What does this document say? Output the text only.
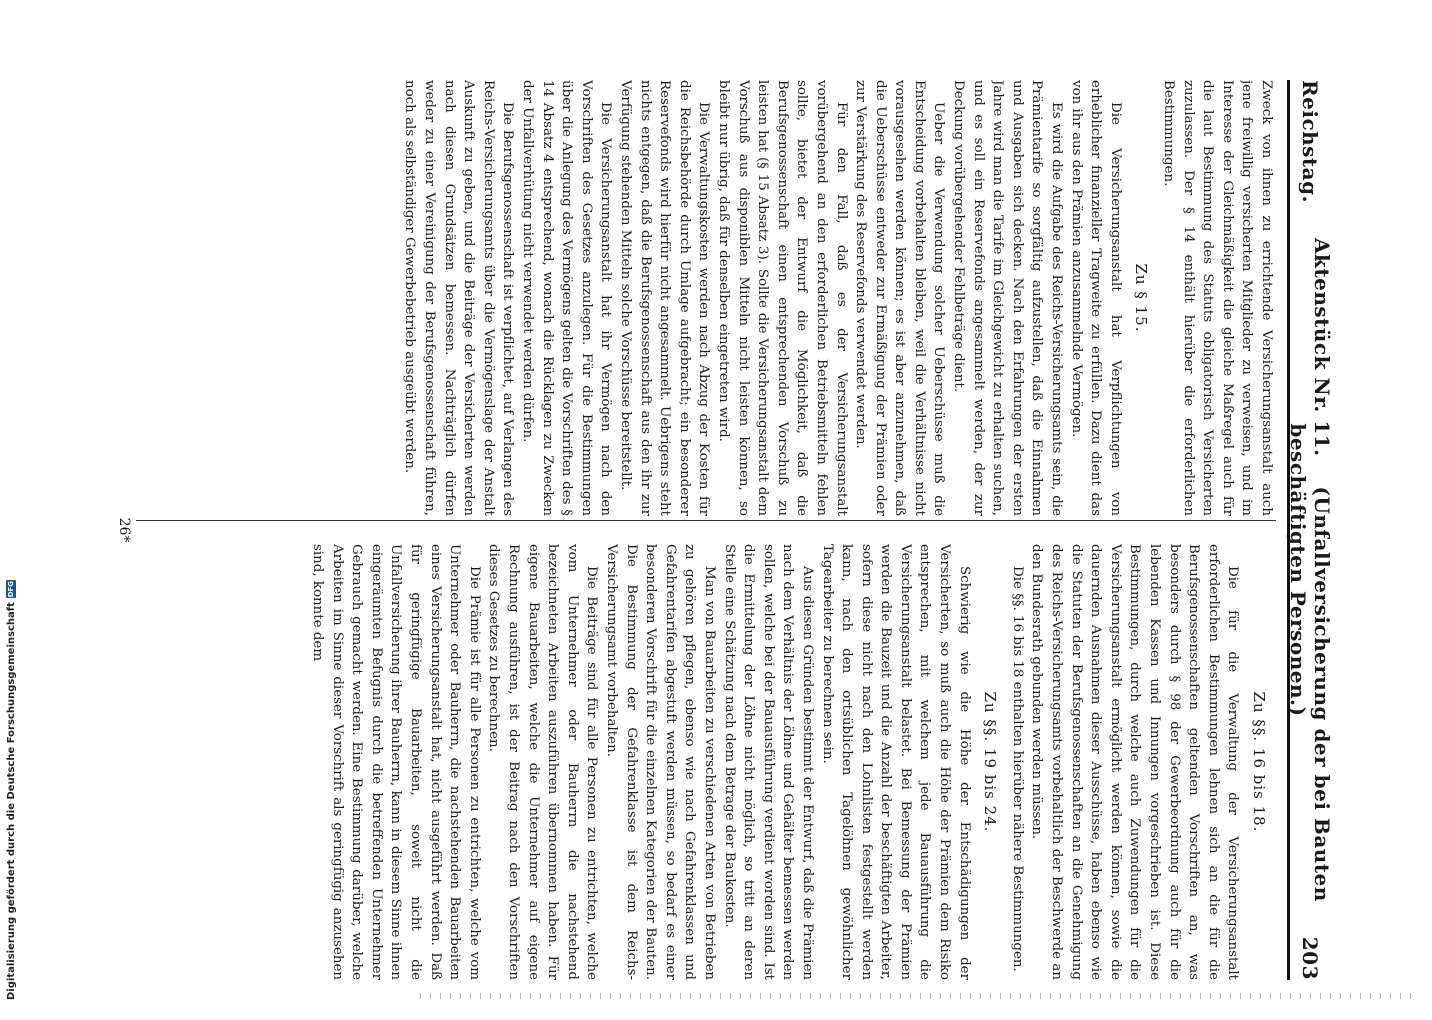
Digitalisierung gefördert durch die Deutsche Forschungsgemeinschaft
DFG
Reichstag.
Aktenstück Nr. 11.    (Unfallversicherung der bei Bauten beschäftigten Personen.)
203

Zweck von ihnen zu errichtende Versicherungsanstalt auch jene freiwillig versicherten Mitglieder zu verweisen, und im Interesse der Gleichmäßigkeit die gleiche Maßregel auch für die laut Bestimmung des Statuts obligatorisch Versicherten zuzulassen. Der § 14 enthält hierüber die erforderlichen Bestimmungen.

Zu § 15.

Die Versicherungsanstalt hat Verpflichtungen von erheblicher finanzieller Tragweite zu erfüllen. Dazu dient das von ihr aus den Prämien anzusammelnde Vermögen.

Es wird die Aufgabe des Reichs-Versicherungsamts sein, die Prämientarife so sorgfältig aufzustellen, daß die Einnahmen und Ausgaben sich decken. Nach den Erfahrungen der ersten Jahre wird man die Tarife im Gleichgewicht zu erhalten suchen, und es soll ein Reservefonds angesammelt werden, der zur Deckung vorübergehender Fehlbeträge dient.

Ueber die Verwendung solcher Ueberschüsse muß die Entscheidung vorbehalten bleiben, weil die Verhältnisse nicht vorausgesehen werden können; es ist aber anzunehmen, daß die Ueberschüsse entweder zur Ermäßigung der Prämien oder zur Verstärkung des Reservefonds verwendet werden.

Für den Fall, daß es der Versicherungsanstalt vorübergehend an den erforderlichen Betriebsmitteln fehlen sollte, bietet der Entwurf die Möglichkeit, daß die Berufsgenossenschaft einen entsprechenden Vorschuß zu leisten hat (§ 15 Absatz 3). Sollte die Versicherungsanstalt dem Vorschuß aus disponiblen Mitteln nicht leisten können, so bleibt nur übrig, daß für denselben eingetreten wird.

Die Verwaltungskosten werden nach Abzug der Kosten für die Reichsbehörde durch Umlage aufgebracht; ein besonderer Reservefonds wird hierfür nicht angesammelt. Uebrigens steht nichts entgegen, daß die Berufsgenossenschaft aus den ihr zur Verfügung stehenden Mitteln solche Vorschüsse bereitstellt.

Die Versicherungsanstalt hat ihr Vermögen nach den Vorschriften des Gesetzes anzulegen. Für die Bestimmungen über die Anlegung des Vermögens gelten die Vorschriften des § 14 Absatz 4 entsprechend, wonach die Rücklagen zu Zwecken der Unfallverhütung nicht verwendet werden dürfen.

Die Berufsgenossenschaft ist verpflichtet, auf Verlangen des Reichs-Versicherungsamts über die Vermögenslage der Anstalt Auskunft zu geben, und die Beiträge der Versicherten werden nach diesen Grundsätzen bemessen. Nachträglich dürfen weder zu einer Vereinigung der Berufsgenossenschaft führen, noch als selbständiger Gewerbebetrieb ausgeübt werden.

Zu §§. 16 bis 18.

Die für die Verwaltung der Versicherungsanstalt erforderlichen Bestimmungen lehnen sich an die für die Berufsgenossenschaften geltenden Vorschriften an, was besonders durch § 98 der Gewerbeordnung auch für die lebenden Kassen und Innungen vorgeschrieben ist. Diese Bestimmungen, durch welche auch Zuwendungen für die Versicherungsanstalt ermöglicht werden können, sowie die dauernden Ausnahmen dieser Ausschüsse, haben ebenso wie die Statuten der Berufsgenossenschaften an die Genehmigung des Reichs-Versicherungsamts vorbehaltlich der Beschwerde an den Bundesrath gebunden werden müssen.

Die §§. 16 bis 18 enthalten hierüber nähere Bestimmungen.

Zu §§. 19 bis 24.

Schwierig wie die Höhe der Entschädigungen der Versicherten, so muß auch die Höhe der Prämien dem Risiko entsprechen, mit welchem jede Bauausführung die Versicherungsanstalt belastet. Bei Bemessung der Prämien werden die Bauzeit und die Anzahl der beschäftigten Arbeiter, sofern diese nicht nach den Lohnlisten festgestellt werden kann, nach den ortsüblichen Tagelöhnen gewöhnlicher Tagearbeiter zu berechnen sein.

Aus diesen Gründen bestimmt der Entwurf, daß die Prämien nach dem Verhältnis der Löhne und Gehälter bemessen werden sollen, welche bei der Bauausführung verdient worden sind. Ist die Ermittelung der Löhne nicht möglich, so tritt an deren Stelle eine Schätzung nach dem Betrage der Baukosten.

Man von Bauarbeiten zu verschiedenen Arten von Betrieben zu gehören pflegen, ebenso wie nach Gefahrenklassen und Gefahrentarifen abgestuft werden müssen, so bedarf es einer besonderen Vorschrift für die einzelnen Kategorien der Bauten. Die Bestimmung der Gefahrenklasse ist dem Reichs-Versicherungsamt vorbehalten.

Die Beiträge sind für alle Personen zu entrichten, welche vom Unternehmer oder Bauherrn die nachstehend bezeichneten Arbeiten auszuführen übernommen haben. Für eigene Bauarbeiten, welche die Unternehmer auf eigene Rechnung ausführen, ist der Beitrag nach den Vorschriften dieses Gesetzes zu berechnen.

Die Prämie ist für alle Personen zu entrichten, welche vom Unternehmer oder Bauherrn, die nachstehenden Bauarbeiten eines Versicherungsanstalt hat, nicht ausgeführt werden. Daß für geringfügige Bauarbeiten, soweit nicht die Unfallversicherung ihrer Bauherrn, kann in diesem Sinne ihnen eingeräumten Befugnis durch die betreffenden Unternehmer Gebrauch gemacht werden. Eine Bestimmung darüber, welche Arbeiten im Sinne dieser Vorschrift als geringfügig anzusehen sind, konnte dem

26*
